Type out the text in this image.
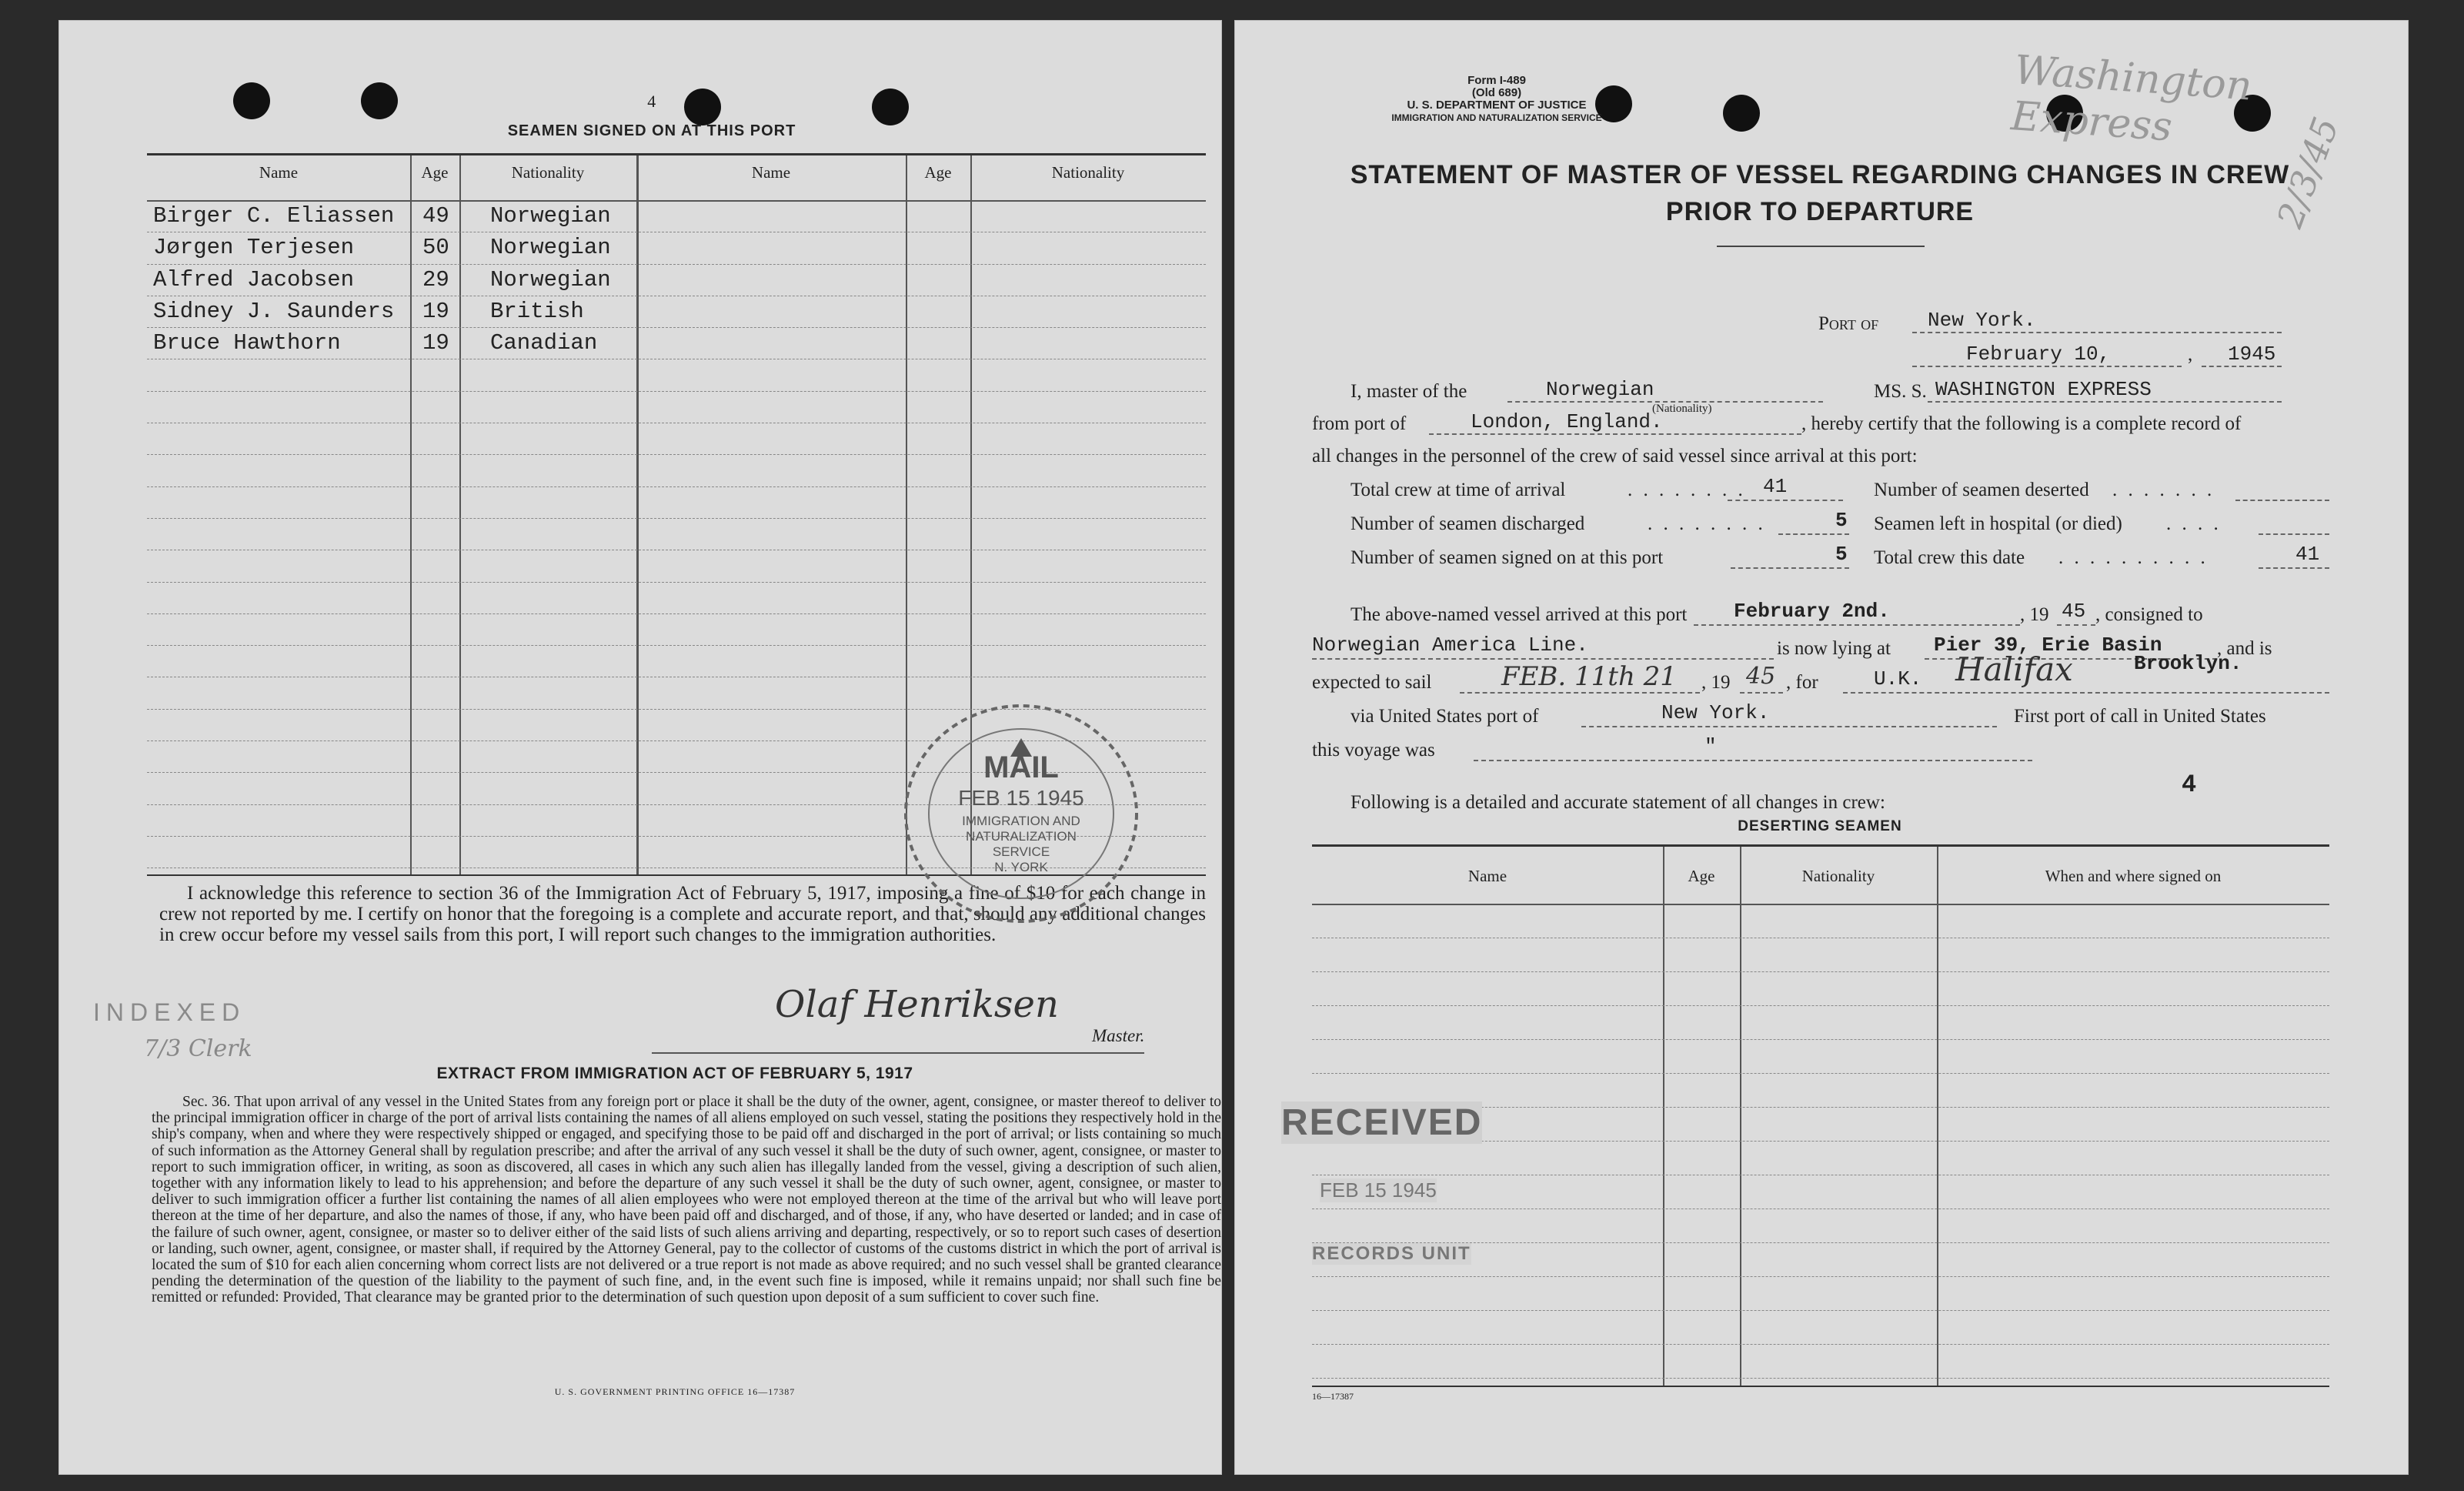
4
SEAMEN SIGNED ON AT THIS PORT
Name	Age	Nationality	Name	Age	Nationality
Birger C. Eliassen 49 Norwegian
Jørgen Terjesen	50 Norwegian
Alfred Jacobsen	29 Norwegian
Sidney J. Saunders 19 British
Bruce Hawthorn	19 Canadian
I acknowledge this reference to section 36 of the Immigration Act of February 5, 1917, imposing a fine of $10 for each change in crew not reported by me. I certify on honor that the foregoing is a complete and accurate report, and that, should any additional changes in crew occur before my vessel sails from this port, I will report such changes to the immigration authorities.
Olaf Henriksen
Master.
INDEXED
7/3 Clerk
MAIL
FEB 15 1945
IMMIGRATION AND
NATURALIZATION
SERVICE
N. YORK
EXTRACT FROM IMMIGRATION ACT OF FEBRUARY 5, 1917
Sec. 36. That upon arrival of any vessel in the United States from any foreign port or place it shall be the duty of the owner, agent, consignee, or master thereof to deliver to the principal immigration officer in charge of the port of arrival lists containing the names of all aliens employed on such vessel, stating the positions they respectively hold in the ship's company, when and where they were respectively shipped or engaged, and specifying those to be paid off and discharged in the port of arrival; or lists containing so much of such information as the Attorney General shall by regulation prescribe; and after the arrival of any such vessel it shall be the duty of such owner, agent, consignee, or master to report to such immigration officer, in writing, as soon as discovered, all cases in which any such alien has illegally landed from the vessel, giving a description of such alien, together with any information likely to lead to his apprehension; and before the departure of any such vessel it shall be the duty of such owner, agent, consignee, or master to deliver to such immigration officer a further list containing the names of all alien employees who were not employed thereon at the time of the arrival but who will leave port thereon at the time of her departure, and also the names of those, if any, who have been paid off and discharged, and of those, if any, who have deserted or landed; and in case of the failure of such owner, agent, consignee, or master so to deliver either of the said lists of such aliens arriving and departing, respectively, or so to report such cases of desertion or landing, such owner, agent, consignee, or master shall, if required by the Attorney General, pay to the collector of customs of the customs district in which the port of arrival is located the sum of $10 for each alien concerning whom correct lists are not delivered or a true report is not made as above required; and no such vessel shall be granted clearance pending the determination of the question of the liability to the payment of such fine, and, in the event such fine is imposed, while it remains unpaid; nor shall such fine be remitted or refunded: Provided, That clearance may be granted prior to the determination of such question upon deposit of a sum sufficient to cover such fine.
U. S. GOVERNMENT PRINTING OFFICE 16—17387
Form I-489
(Old 689)
U. S. DEPARTMENT OF JUSTICE
IMMIGRATION AND NATURALIZATION SERVICE
Washington Express	2/3/45
STATEMENT OF MASTER OF VESSEL REGARDING CHANGES IN CREW
PRIOR TO DEPARTURE
Port of New York.
February 10,	, 1945
I, master of the	Norwegian
(Nationality)
MS. S. WASHINGTON EXPRESS
from port of	London, England.	, hereby certify that the following is a complete record of
all changes in the personnel of the crew of said vessel since arrival at this port:
Total crew at time of arrival	. . . . . . . . 41	Number of seamen deserted . . . . . . .
Number of seamen discharged	. . . . . . . .	5 Seamen left in hospital (or died) . . . .
Number of seamen signed on at this port	5 Total crew this date . . . . . . . . . .	41
The above-named vessel arrived at this port February 2nd.	, 19 45 , consigned to
Norwegian America Line.	is now lying at Pier 39, Erie Basin	, and is
Brooklyn.
expected to sail	FEB. 11th 21 , 19 45 , for	U.K. Halifax
via United States port of	New York.	First port of call in United States
this voyage was	"
Following is a detailed and accurate statement of all changes in crew:
4
DESERTING SEAMEN
Name	Age	Nationality	When and where signed on
RECEIVED
FEB 15 1945
RECORDS UNIT
16—17387
